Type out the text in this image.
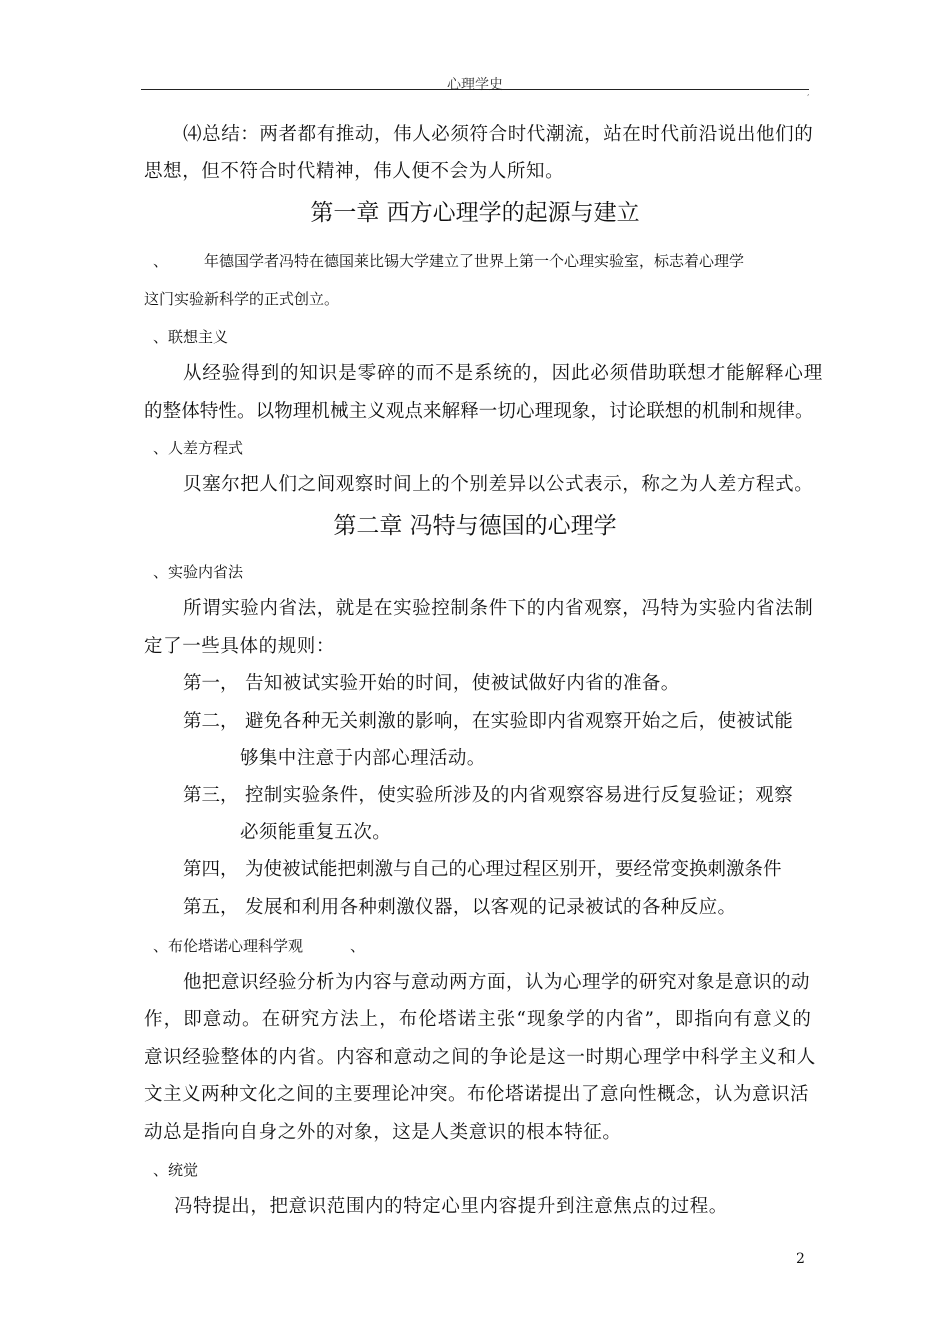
心理学史	,
⑷总结：两者都有推动，伟人必须符合时代潮流，站在时代前沿说出他们的
思想，但不符合时代精神，伟人便不会为人所知。
第一章 西方心理学的起源与建立
、	年德国学者冯特在德国莱比锡大学建立了世界上第一个心理实验室，标志着心理学
这门实验新科学的正式创立。
、联想主义
从经验得到的知识是零碎的而不是系统的，因此必须借助联想才能解释心理
的整体特性。以物理机械主义观点来解释一切心理现象，讨论联想的机制和规律。
、人差方程式
贝塞尔把人们之间观察时间上的个别差异以公式表示，称之为人差方程式。
第二章 冯特与德国的心理学
、实验内省法
所谓实验内省法，就是在实验控制条件下的内省观察，冯特为实验内省法制
定了一些具体的规则：
第一， 告知被试实验开始的时间，使被试做好内省的准备。
第二， 避免各种无关刺激的影响，在实验即内省观察开始之后，使被试能
够集中注意于内部心理活动。
第三， 控制实验条件，使实验所涉及的内省观察容易进行反复验证；观察
必须能重复五次。
第四， 为使被试能把刺激与自己的心理过程区别开，要经常变换刺激条件
第五， 发展和利用各种刺激仪器，以客观的记录被试的各种反应。
、布伦塔诺心理科学观	、
他把意识经验分析为内容与意动两方面，认为心理学的研究对象是意识的动
作，即意动。在研究方法上，布伦塔诺主张“现象学的内省”，即指向有意义的
意识经验整体的内省。内容和意动之间的争论是这一时期心理学中科学主义和人
文主义两种文化之间的主要理论冲突。布伦塔诺提出了意向性概念，认为意识活
动总是指向自身之外的对象，这是人类意识的根本特征。
、统觉
冯特提出，把意识范围内的特定心里内容提升到注意焦点的过程。
2
